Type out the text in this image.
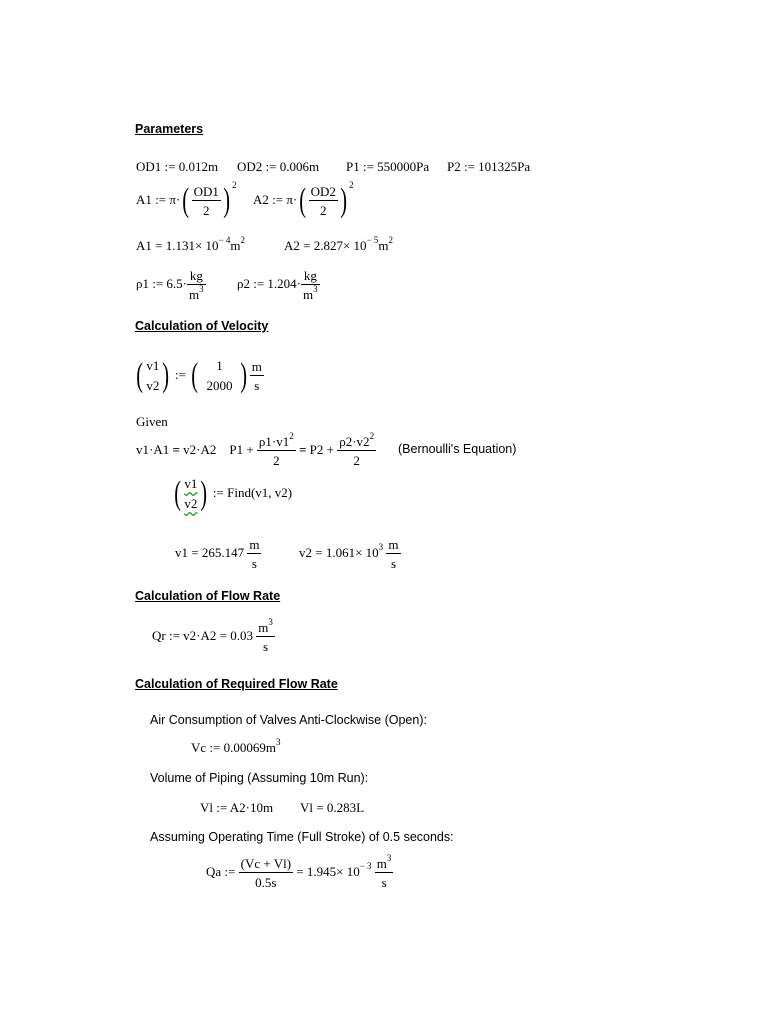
Parameters
OD1 := 0.012m OD2 := 0.006m P1 := 550000Pa P2 := 101325Pa
A1 := $\pi\cdot( \frac{OD1}{2}$ ) $^2$
A2 := $\pi\cdot( \frac{OD2}{2}$ ) $^2$
$A1 = 1.131\times 10^{- 4}m^2$	$A2 = 2.827\times 10^{- 5}m^2$
ρ1 := $6.5\cdot \frac{kg}{m^3} \rho 2$ := $1.204\cdot \frac{kg}{m^3}$
Calculation of Velocity
( v1
v2 ) := (	1
2000 ) $\frac{m}{s}$
Given
v1·A1 = v2·A2 $P1 + \frac{\rho 1\cdot v1^2}{2} = P2 + \frac{\rho 2\cdot v2^2}{2}$ (Bernoulli's Equation)
( $\frac{v1}{v2}$ ) := Find(v1, v2)
$v1 = 265.147 \frac{m}{s}$	$v2 = 1.061\times 10^3 \frac{m}{s}$
Calculation of Flow Rate
Qr := $v2\cdot A2 = 0.03 \frac{m^3}{s}$
Calculation of Required Flow Rate
Air Consumption of Valves Anti-Clockwise (Open):
Vc := $0.00069m^3$
Volume of Piping (Assuming 10m Run):
Vl := A2·10m Vl = 0.283L
Assuming Operating Time (Full Stroke) of 0.5 seconds:
Qa := $\frac{(Vc + Vl)}{0.5s} = 1.945\times 10^{- 3} \frac{m^3}{s}$
